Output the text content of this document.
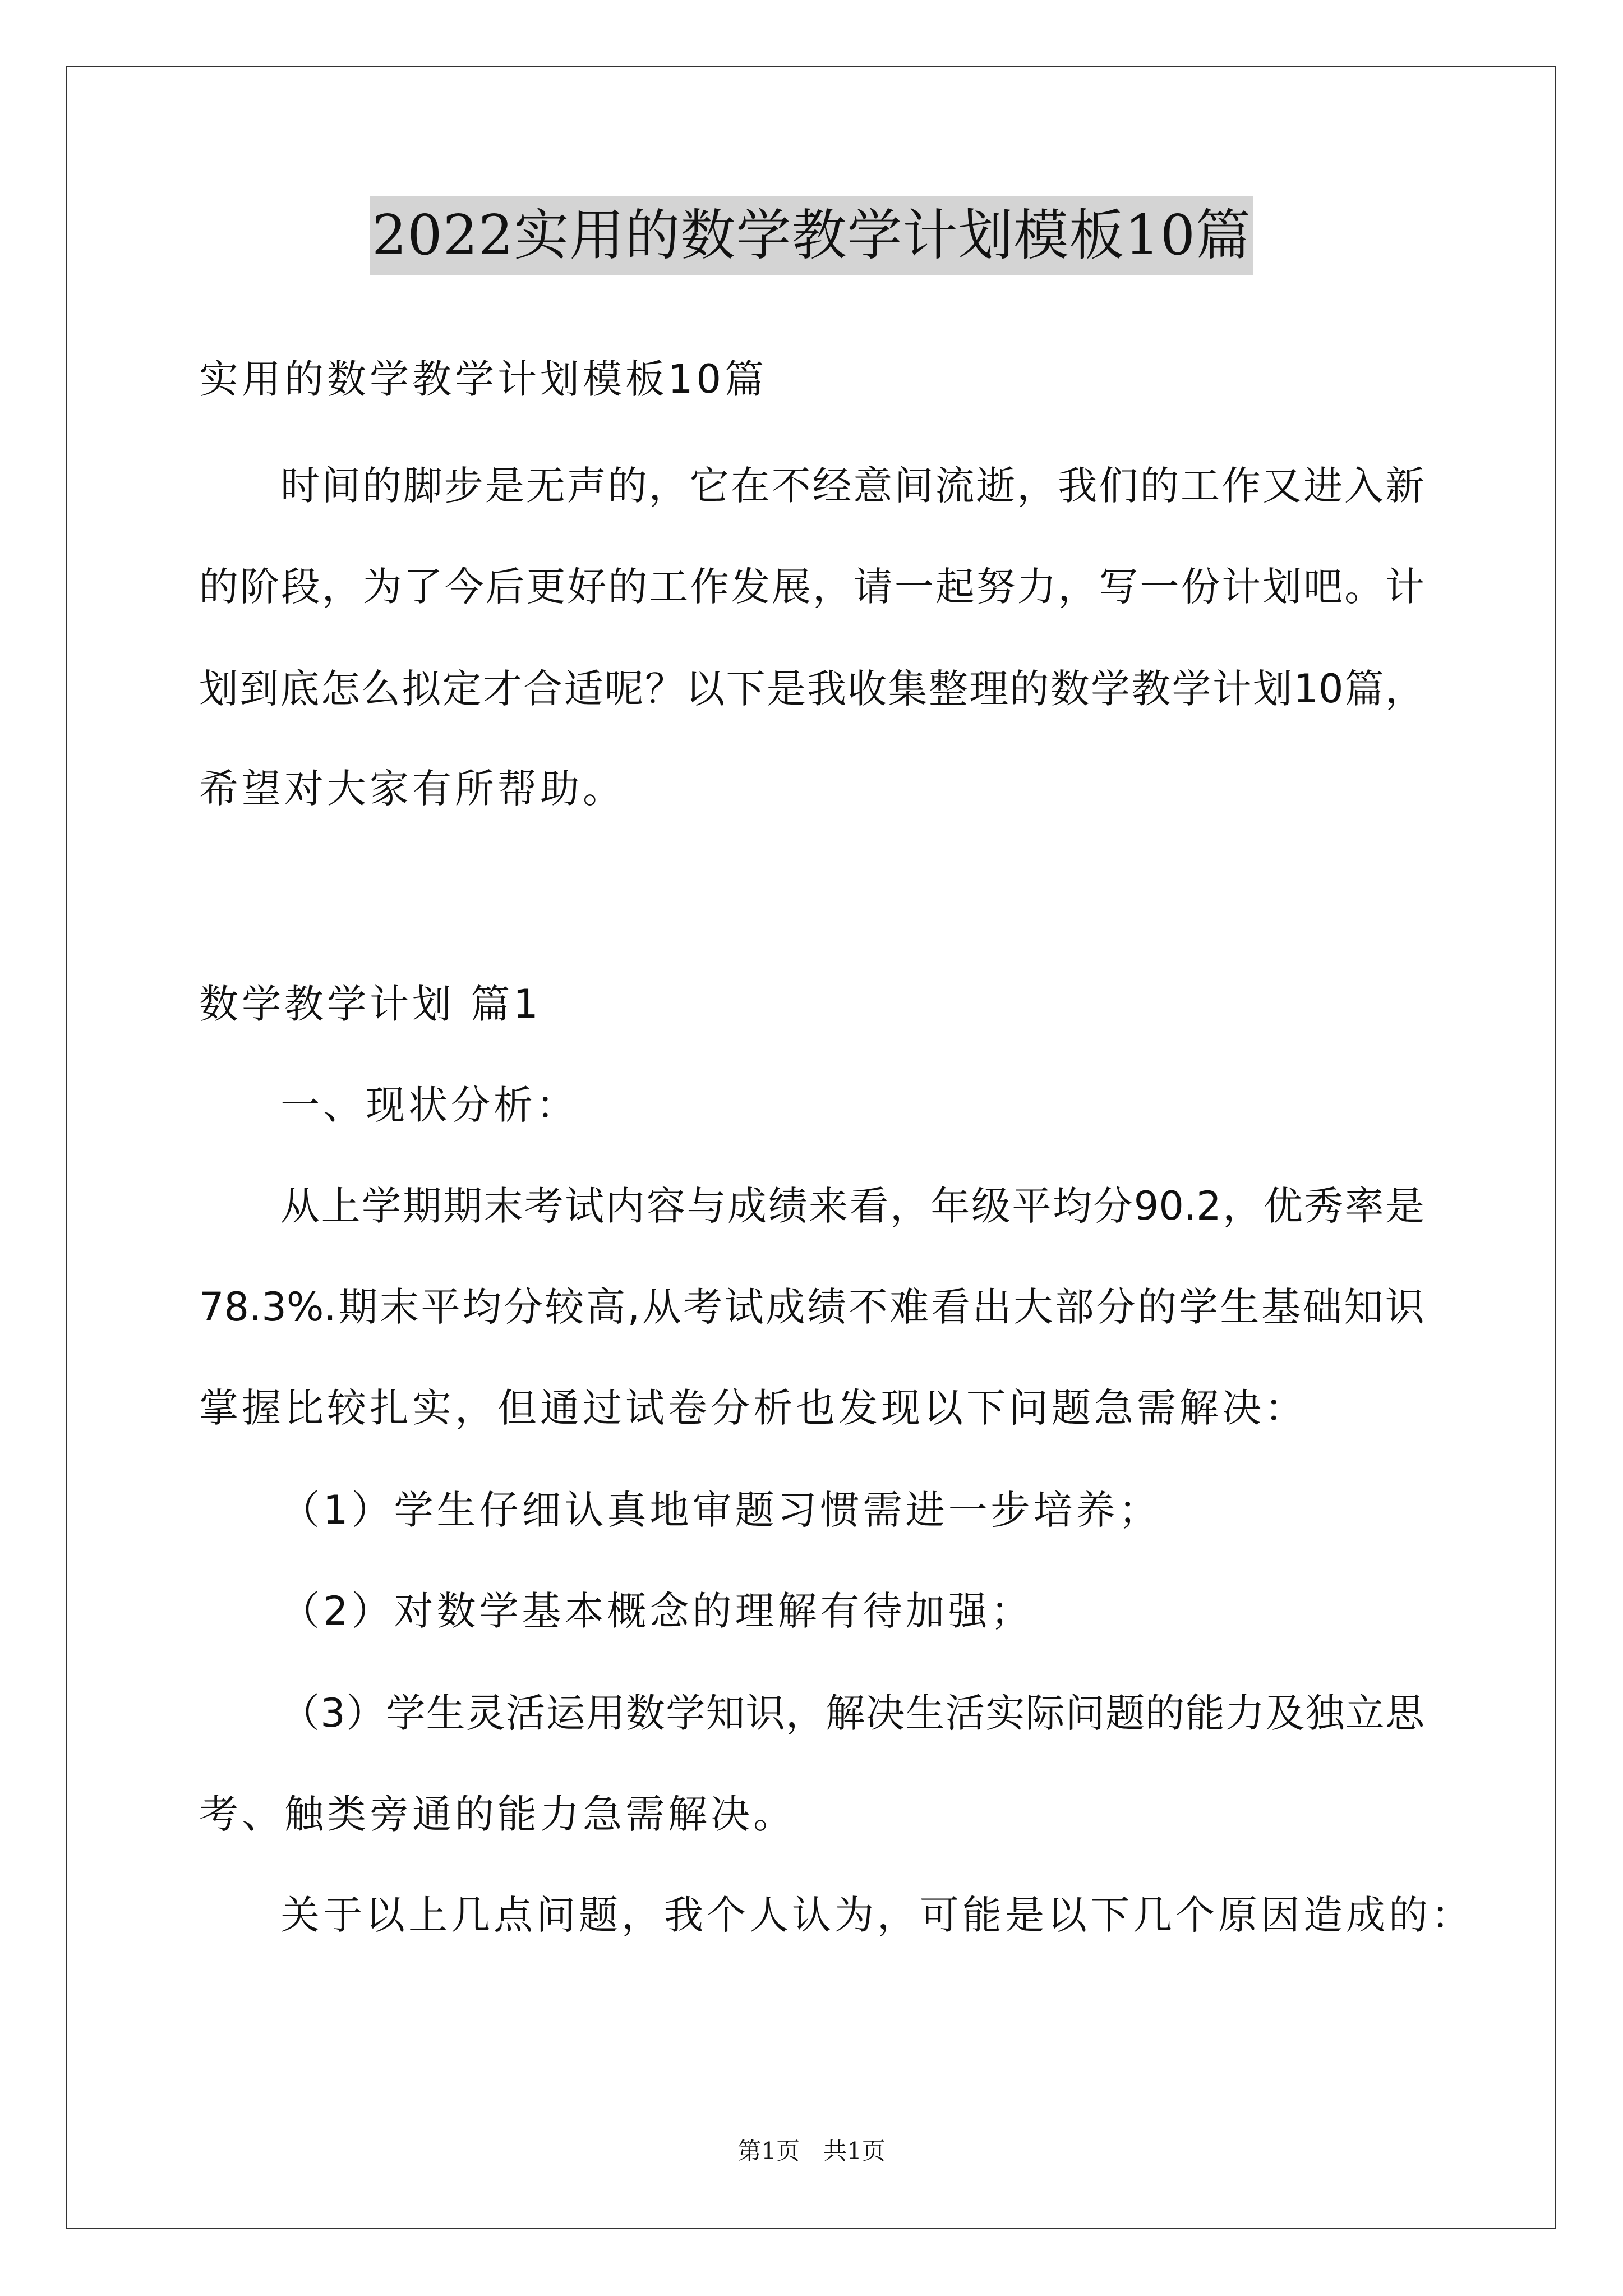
2022实用的数学教学计划模板10篇
实用的数学教学计划模板10篇
时间的脚步是无声的，它在不经意间流逝，我们的工作又进入新
的阶段，为了今后更好的工作发展，请一起努力，写一份计划吧。计
划到底怎么拟定才合适呢？以下是我收集整理的数学教学计划10篇，
希望对大家有所帮助。
数学教学计划 篇1
一、现状分析：
从上学期期末考试内容与成绩来看，年级平均分90.2，优秀率是
78.3%.期末平均分较高,从考试成绩不难看出大部分的学生基础知识
掌握比较扎实，但通过试卷分析也发现以下问题急需解决：
（1）学生仔细认真地审题习惯需进一步培养；
（2）对数学基本概念的理解有待加强；
（3）学生灵活运用数学知识，解决生活实际问题的能力及独立思
考、触类旁通的能力急需解决。
关于以上几点问题，我个人认为，可能是以下几个原因造成的：
第1页　共1页
